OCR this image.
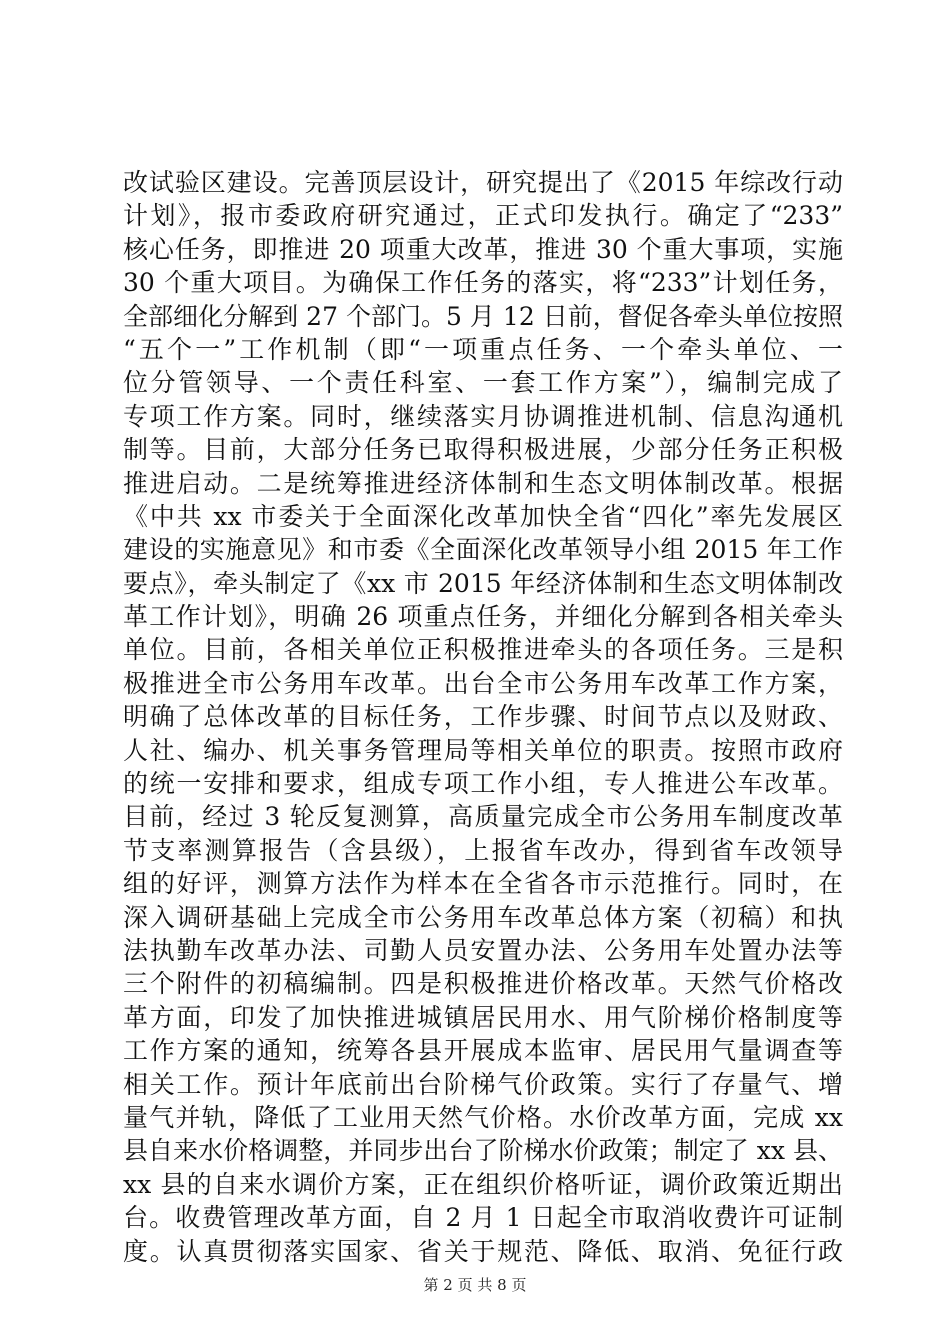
改试验区建设。完善顶层设计，研究提出了《2015 年综改行动
计划》，报市委政府研究通过，正式印发执行。确定了“233”
核心任务，即推进 20 项重大改革，推进 30 个重大事项，实施
30 个重大项目。为确保工作任务的落实，将“233”计划任务，
全部细化分解到 27 个部门。5 月 12 日前，督促各牵头单位按照
“五个一”工作机制（即“一项重点任务、一个牵头单位、一
位分管领导、一个责任科室、一套工作方案”），编制完成了
专项工作方案。同时，继续落实月协调推进机制、信息沟通机
制等。目前，大部分任务已取得积极进展，少部分任务正积极
推进启动。二是统筹推进经济体制和生态文明体制改革。根据
《中共 xx 市委关于全面深化改革加快全省“四化”率先发展区
建设的实施意见》和市委《全面深化改革领导小组 2015 年工作
要点》，牵头制定了《xx 市 2015 年经济体制和生态文明体制改
革工作计划》，明确 26 项重点任务，并细化分解到各相关牵头
单位。目前，各相关单位正积极推进牵头的各项任务。三是积
极推进全市公务用车改革。出台全市公务用车改革工作方案，
明确了总体改革的目标任务，工作步骤、时间节点以及财政、
人社、编办、机关事务管理局等相关单位的职责。按照市政府
的统一安排和要求，组成专项工作小组，专人推进公车改革。
目前，经过 3 轮反复测算，高质量完成全市公务用车制度改革
节支率测算报告（含县级），上报省车改办，得到省车改领导
组的好评，测算方法作为样本在全省各市示范推行。同时，在
深入调研基础上完成全市公务用车改革总体方案（初稿）和执
法执勤车改革办法、司勤人员安置办法、公务用车处置办法等
三个附件的初稿编制。四是积极推进价格改革。天然气价格改
革方面，印发了加快推进城镇居民用水、用气阶梯价格制度等
工作方案的通知，统筹各县开展成本监审、居民用气量调查等
相关工作。预计年底前出台阶梯气价政策。实行了存量气、增
量气并轨，降低了工业用天然气价格。水价改革方面，完成 xx
县自来水价格调整，并同步出台了阶梯水价政策；制定了 xx 县、
xx 县的自来水调价方案，正在组织价格听证，调价政策近期出
台。收费管理改革方面，自 2 月 1 日起全市取消收费许可证制
度。认真贯彻落实国家、省关于规范、降低、取消、免征行政
第 2 页 共 8 页
